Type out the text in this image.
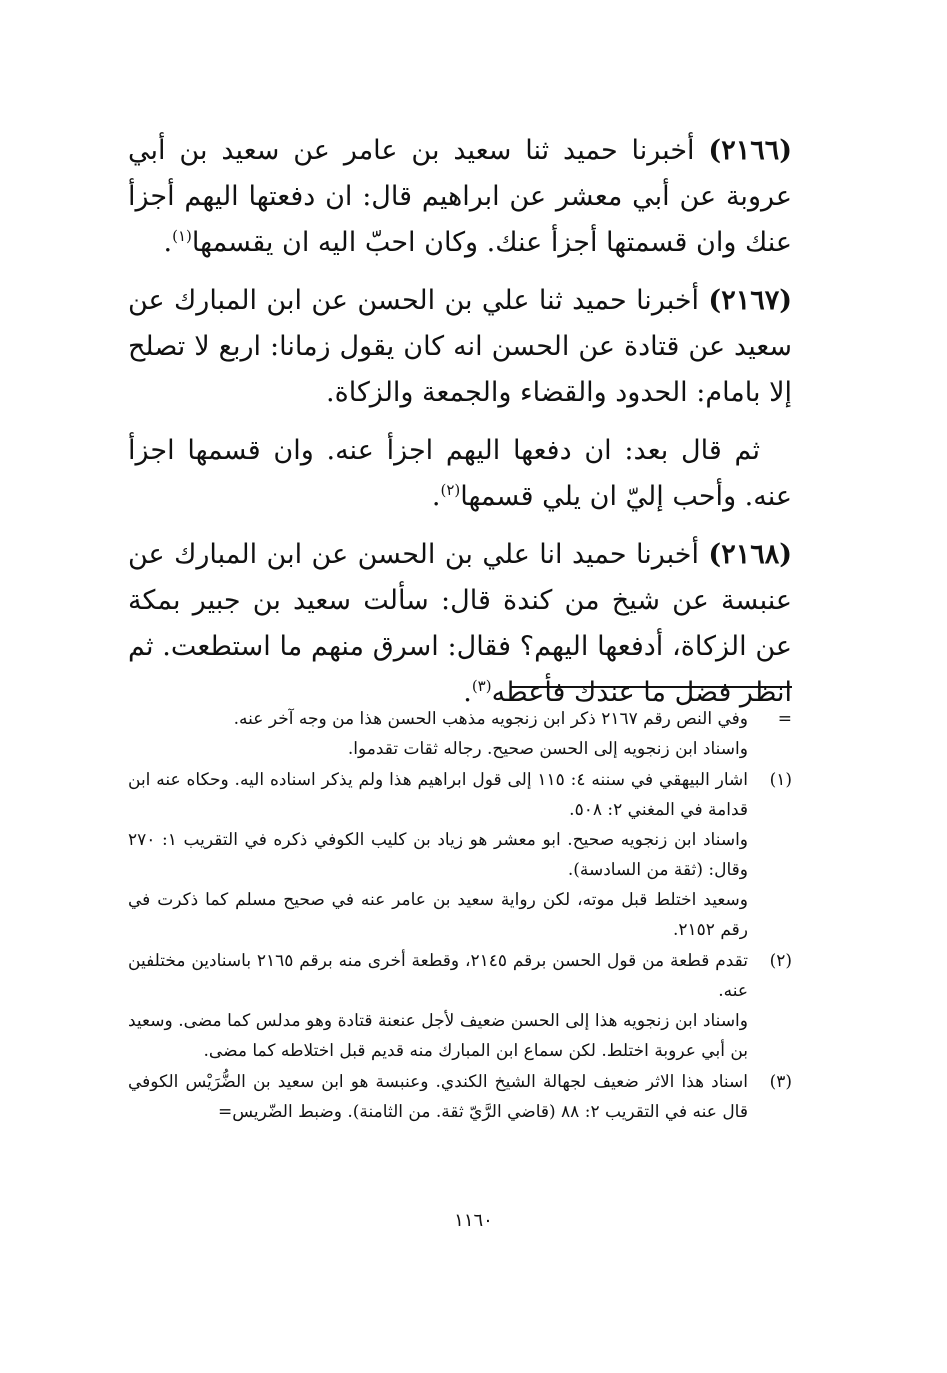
(٢١٦٦) أخبرنا حميد ثنا سعيد بن عامر عن سعيد بن أبي عروبة عن أبي معشر عن ابراهيم قال: ان دفعتها اليهم أجزأ عنك وان قسمتها أجزأ عنك. وكان احبّ اليه ان يقسمها$^{(١)}$.

(٢١٦٧) أخبرنا حميد ثنا علي بن الحسن عن ابن المبارك عن سعيد عن قتادة عن الحسن انه كان يقول زمانا: اربع لا تصلح إلا بامام: الحدود والقضاء والجمعة والزكاة.

ثم قال بعد: ان دفعها اليهم اجزأ عنه. وان قسمها اجزأ عنه. وأحب إليّ ان يلي قسمها$^{(٢)}$.

(٢١٦٨) أخبرنا حميد انا علي بن الحسن عن ابن المبارك عن عنبسة عن شيخ من كندة قال: سألت سعيد بن جبير بمكة عن الزكاة، أدفعها اليهم؟ فقال: اسرق منهم ما استطعت. ثم انظر فضل ما عندك فأعطه$^{(٣)}$.

=

وفي النص رقم ٢١٦٧ ذكر ابن زنجويه مذهب الحسن هذا من وجه آخر عنه.

واسناد ابن زنجويه إلى الحسن صحيح. رجاله ثقات تقدموا.

(١)

اشار البيهقي في سننه ٤: ١١٥ إلى قول ابراهيم هذا ولم يذكر اسناده اليه. وحكاه عنه ابن قدامة في المغني ٢: ٥٠٨.

واسناد ابن زنجويه صحيح. ابو معشر هو زياد بن كليب الكوفي ذكره في التقريب ١: ٢٧٠ وقال: (ثقة من السادسة).

وسعيد اختلط قبل موته، لكن رواية سعيد بن عامر عنه في صحيح مسلم كما ذكرت في رقم ٢١٥٢.

(٢)

تقدم قطعة من قول الحسن برقم ٢١٤٥، وقطعة أخرى منه برقم ٢١٦٥ باسنادين مختلفين عنه.

واسناد ابن زنجويه هذا إلى الحسن ضعيف لأجل عنعنة قتادة وهو مدلس كما مضى. وسعيد بن أبي عروبة اختلط. لكن سماع ابن المبارك منه قديم قبل اختلاطه كما مضى.

(٣)

اسناد هذا الاثر ضعيف لجهالة الشيخ الكندي. وعنبسة هو ابن سعيد بن الضُّرَيْس الكوفي قال عنه في التقريب ٢: ٨٨ (قاضي الرَّيّ ثقة. من الثامنة). وضبط الضّريس=

١١٦٠
